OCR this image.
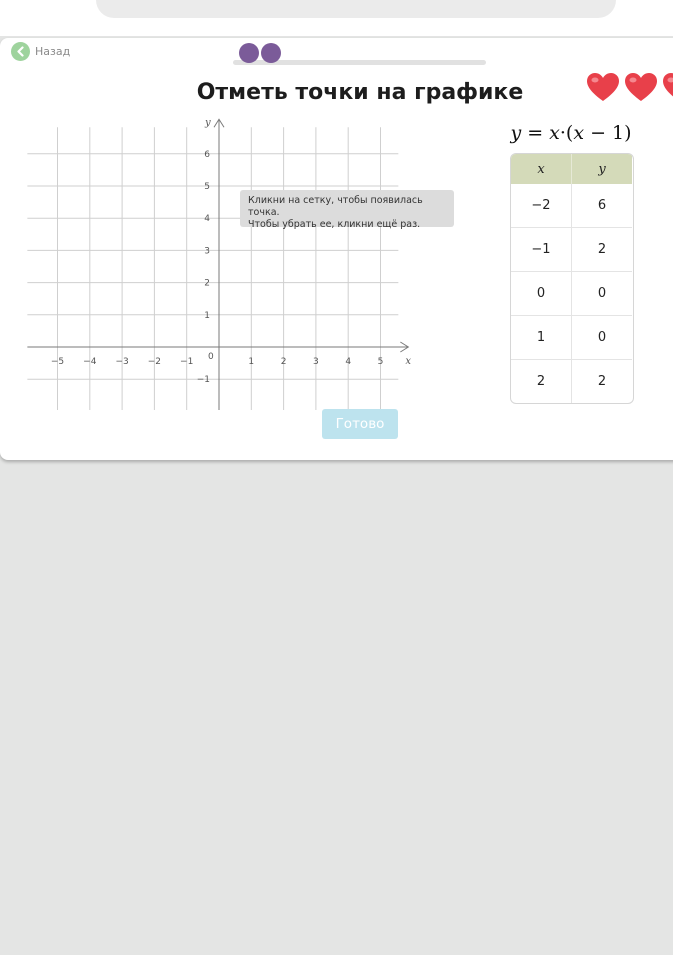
Назад
Отметь точки на графике
−5 −4 −3 −2 −1	1	2	3	4	5
−1
1
2
3
4
5
6
x
y
0
Кликни на сетку, чтобы появилась точка.
Чтобы убрать ее, кликни ещё раз.
y = x·(x − 1)
x	y
−2	6
−1	2
0	0
1	0
2	2
Готово
